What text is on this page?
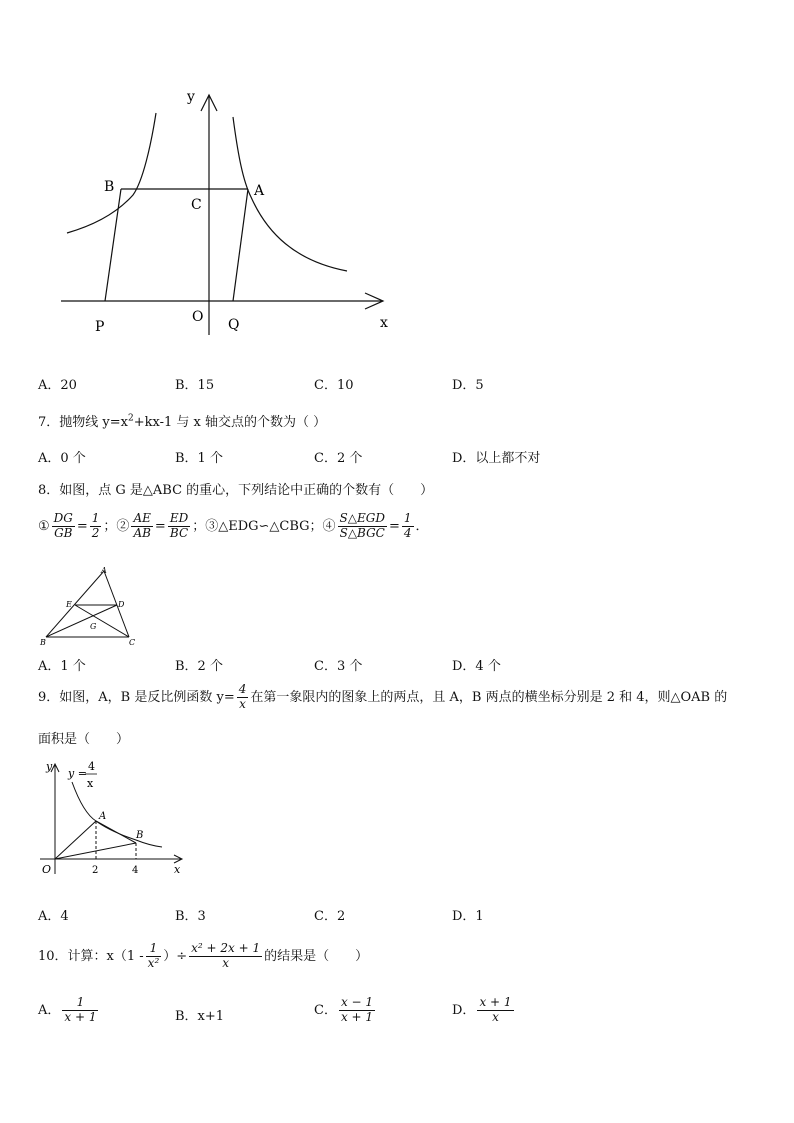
y
x
B	A
C
P
O Q
A．20	B．15	C．10	D．5
7．抛物线 $y=x^2+kx-1$ 与 x 轴交点的个数为（ ）
A．0 个	B．1 个	C．2 个	D．以上都不对
8．如图，点 G 是△ABC 的重心，下列结论中正确的个数有（　　）
① $\frac{DG}{GB} = \frac{1}{2}$ ；② $\frac{AE}{AB} = \frac{ED}{BC}$ ；③△EDG∽△CBG；④ $\frac{\text{S△EGD}}{\text{S△BGC}} = \frac{1}{4}$ ．
A
E	D
G
B	C
A．1 个	B．2 个	C．3 个	D．4 个
9．如图，A，B 是反比例函数 $y= \frac{4}{x}$ 在第一象限内的图象上的两点，且 A，B 两点的横坐标分别是 2 和 4，则△OAB 的
面积是（　　）
y
y =
4
x
A
B
O	2	4	x
A．4	B．3	C．2	D．1
10．计算：$x(1 - \frac{1}{\text{x²}}$ ）÷ $\frac{\text{x² + 2x + 1}}{x}$ 的结果是（　　）
A． $\frac{1}{x + 1}$	B．x+1	C． $\frac{x - 1}{x + 1}$	D． $\frac{x + 1}{x}$
